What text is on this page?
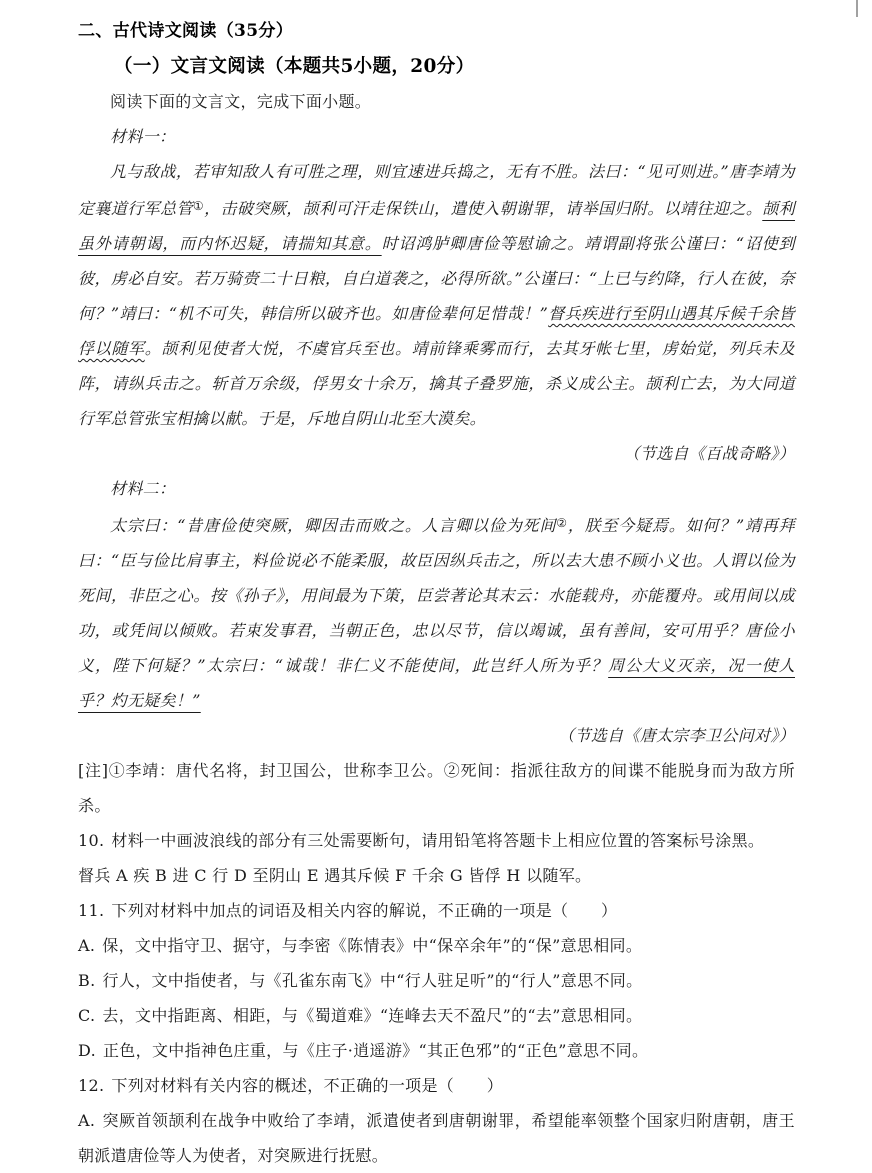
二、古代诗文阅读（35分）
（一）文言文阅读（本题共5小题，20分）
阅读下面的文言文，完成下面小题。
材料一：
凡与敌战，若审知敌人有可胜之理，则宜速进兵捣之，无有不胜。法曰：“见可则进。”唐李靖为定襄道行军总管①，击破突厥，颉利可汗走保铁山，遣使入朝谢罪，请举国归附。以靖往迎之。颉利虽外请朝谒，而内怀迟疑，请揣知其意。时诏鸿胪卿唐俭等慰谕之。靖谓副将张公谨曰：“诏使到彼，虏必自安。若万骑赍二十日粮，自白道袭之，必得所欲。”公谨曰：“上已与约降，行人在彼，奈何？”靖曰：“机不可失，韩信所以破齐也。如唐俭辈何足惜哉！”督兵疾进行至阴山遇其斥候千余皆俘以随军。颉利见使者大悦，不虞官兵至也。靖前锋乘雾而行，去其牙帐七里，虏始觉，列兵未及阵，请纵兵击之。斩首万余级，俘男女十余万，擒其子叠罗施，杀义成公主。颉利亡去，为大同道行军总管张宝相擒以献。于是，斥地自阴山北至大漠矣。
（节选自《百战奇略》）
材料二：
太宗曰：“昔唐俭使突厥，卿因击而败之。人言卿以俭为死间②，朕至今疑焉。如何？”靖再拜曰：“臣与俭比肩事主，料俭说必不能柔服，故臣因纵兵击之，所以去大患不顾小义也。人谓以俭为死间，非臣之心。按《孙子》，用间最为下策，臣尝著论其末云：水能载舟，亦能覆舟。或用间以成功，或凭间以倾败。若束发事君，当朝正色，忠以尽节，信以竭诚，虽有善间，安可用乎？唐俭小义，陛下何疑？”太宗曰：“诚哉！非仁义不能使间，此岂纤人所为乎？周公大义灭亲，况一使人乎？灼无疑矣！”
（节选自《唐太宗李卫公问对》）
[注]①李靖：唐代名将，封卫国公，世称李卫公。②死间：指派往敌方的间谍不能脱身而为敌方所杀。
10. 材料一中画波浪线的部分有三处需要断句，请用铅笔将答题卡上相应位置的答案标号涂黑。
督兵 A 疾 B 进 C 行 D 至阴山 E 遇其斥候 F 千余 G 皆俘 H 以随军。
11. 下列对材料中加点的词语及相关内容的解说，不正确的一项是（　　）
A. 保，文中指守卫、据守，与李密《陈情表》中“保卒余年”的“保”意思相同。
B. 行人，文中指使者，与《孔雀东南飞》中“行人驻足听”的“行人”意思不同。
C. 去，文中指距离、相距，与《蜀道难》“连峰去天不盈尺”的“去”意思相同。
D. 正色，文中指神色庄重，与《庄子·逍遥游》“其正色邪”的“正色”意思不同。
12. 下列对材料有关内容的概述，不正确的一项是（　　）
A. 突厥首领颉利在战争中败给了李靖，派遣使者到唐朝谢罪，希望能率领整个国家归附唐朝，唐王朝派遣唐俭等人为使者，对突厥进行抚慰。
